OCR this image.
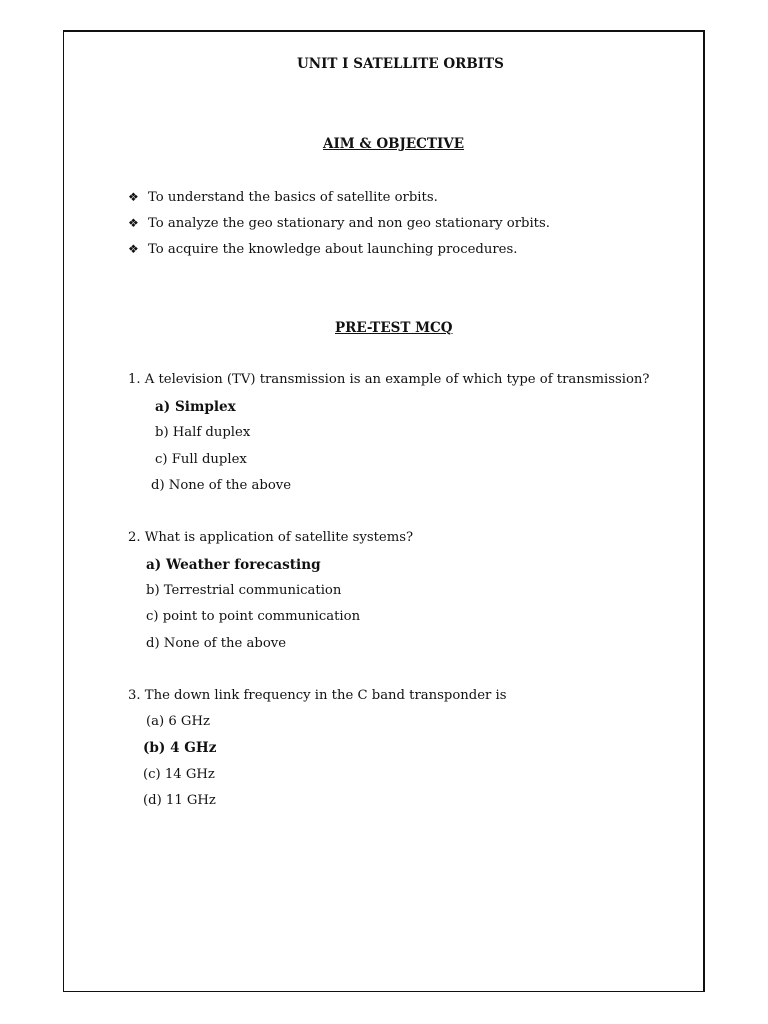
UNIT I SATELLITE ORBITS
AIM & OBJECTIVE
❖ To understand the basics of satellite orbits.
❖ To analyze the geo stationary and non geo stationary orbits.
❖ To acquire the knowledge about launching procedures.
PRE-TEST MCQ
1. A television (TV) transmission is an example of which type of transmission?
a) Simplex
b) Half duplex
c) Full duplex
d) None of the above
2. What is application of satellite systems?
a) Weather forecasting
b) Terrestrial communication
c) point to point communication
d) None of the above
3. The down link frequency in the C band transponder is
(a) 6 GHz
(b) 4 GHz
(c) 14 GHz
(d) 11 GHz
